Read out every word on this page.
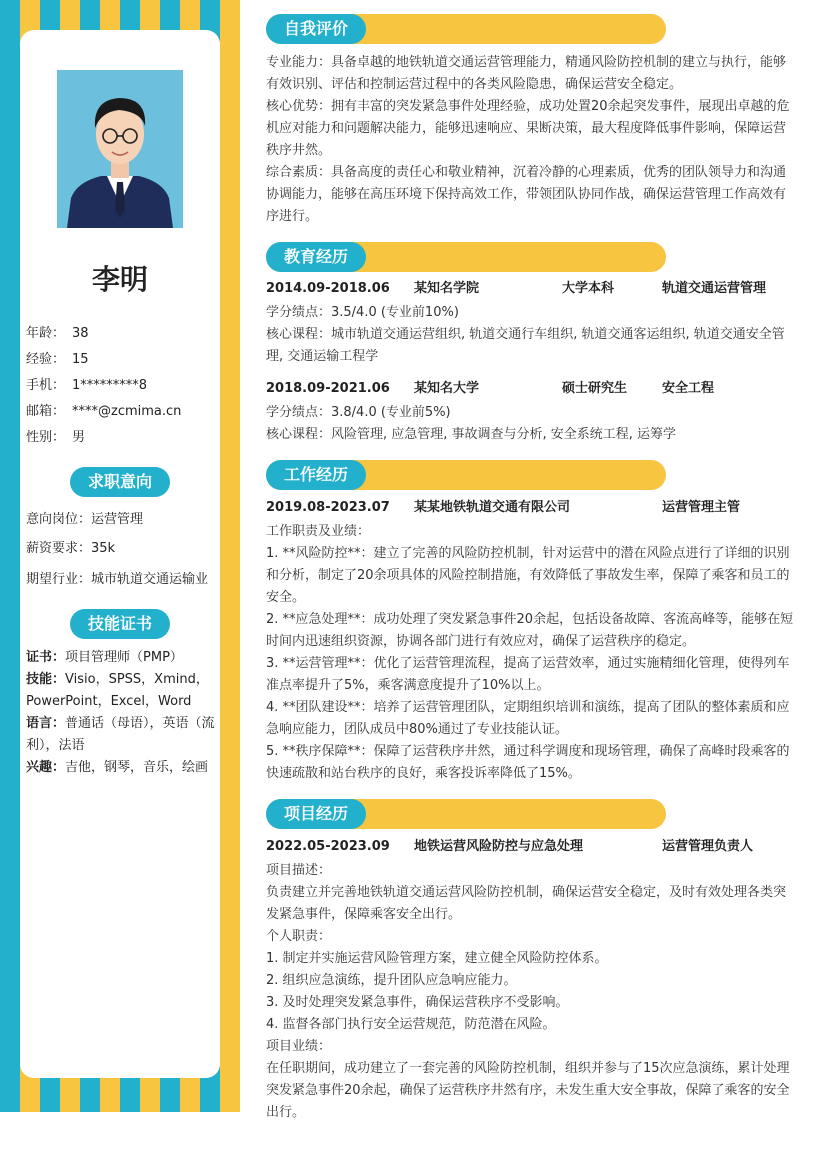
李明
年龄： 38
经验： 15
手机： 1*********8
邮箱： ****@zcmima.cn
性别： 男
求职意向
意向岗位：运营管理
薪资要求：35k
期望行业：城市轨道交通运输业
技能证书

证书：项目管理师（PMP）

技能：Visio，SPSS，Xmind，PowerPoint，Excel，Word

语言：普通话（母语），英语（流利），法语

兴趣：吉他，钢琴，音乐，绘画

自我评价

专业能力：具备卓越的地铁轨道交通运营管理能力，精通风险防控机制的建立与执行，能够有效识别、评估和控制运营过程中的各类风险隐患，确保运营安全稳定。

核心优势：拥有丰富的突发紧急事件处理经验，成功处置20余起突发事件，展现出卓越的危机应对能力和问题解决能力，能够迅速响应、果断决策，最大程度降低事件影响，保障运营秩序井然。

综合素质：具备高度的责任心和敬业精神，沉着冷静的心理素质，优秀的团队领导力和沟通协调能力，能够在高压环境下保持高效工作，带领团队协同作战，确保运营管理工作高效有序进行。

教育经历
2014.09-2018.06 某知名学院	大学本科	轨道交通运营管理

学分绩点：3.5/4.0 (专业前10%)

核心课程：城市轨道交通运营组织, 轨道交通行车组织, 轨道交通客运组织, 轨道交通安全管理, 交通运输工程学

2018.09-2021.06 某知名大学	硕士研究生	安全工程

学分绩点：3.8/4.0 (专业前5%)

核心课程：风险管理, 应急管理, 事故调查与分析, 安全系统工程, 运筹学

工作经历
2019.08-2023.07 某某地铁轨道交通有限公司	运营管理主管

工作职责及业绩：

1. **风险防控**：建立了完善的风险防控机制，针对运营中的潜在风险点进行了详细的识别和分析，制定了20余项具体的风险控制措施，有效降低了事故发生率，保障了乘客和员工的安全。

2. **应急处理**：成功处理了突发紧急事件20余起，包括设备故障、客流高峰等，能够在短时间内迅速组织资源，协调各部门进行有效应对，确保了运营秩序的稳定。

3. **运营管理**：优化了运营管理流程，提高了运营效率，通过实施精细化管理，使得列车准点率提升了5%，乘客满意度提升了10%以上。

4. **团队建设**：培养了运营管理团队，定期组织培训和演练，提高了团队的整体素质和应急响应能力，团队成员中80%通过了专业技能认证。

5. **秩序保障**：保障了运营秩序井然，通过科学调度和现场管理，确保了高峰时段乘客的快速疏散和站台秩序的良好，乘客投诉率降低了15%。

项目经历
2022.05-2023.09 地铁运营风险防控与应急处理	运营管理负责人

项目描述：

负责建立并完善地铁轨道交通运营风险防控机制，确保运营安全稳定，及时有效处理各类突发紧急事件，保障乘客安全出行。

个人职责：

1. 制定并实施运营风险管理方案，建立健全风险防控体系。

2. 组织应急演练，提升团队应急响应能力。

3. 及时处理突发紧急事件，确保运营秩序不受影响。

4. 监督各部门执行安全运营规范，防范潜在风险。

项目业绩：

在任职期间，成功建立了一套完善的风险防控机制，组织并参与了15次应急演练，累计处理突发紧急事件20余起，确保了运营秩序井然有序，未发生重大安全事故，保障了乘客的安全出行。
